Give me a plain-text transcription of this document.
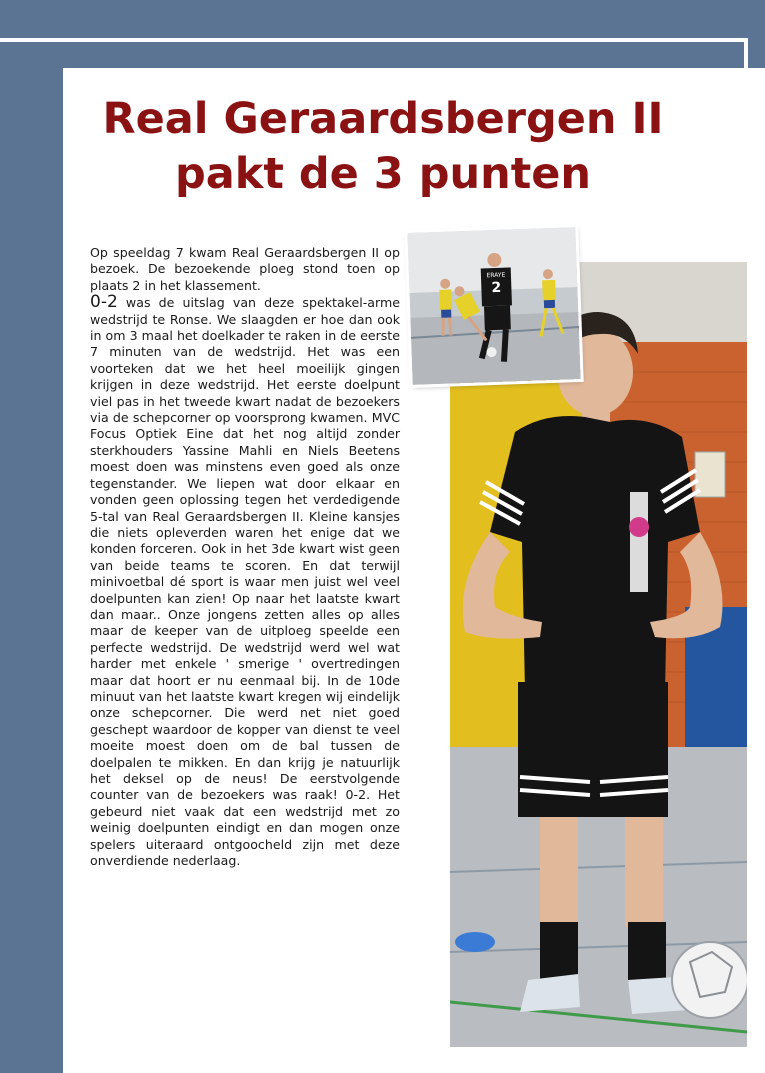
Real Geraardsbergen II pakt de 3 punten

Op speeldag 7 kwam Real Geraardsbergen II op bezoek. De bezoekende ploeg stond toen op plaats 2 in het klassement.

0-2 was de uitslag van deze spektakel-arme wedstrijd te Ronse. We slaagden er hoe dan ook in om 3 maal het doelkader te raken in de eerste 7 minuten van de wedstrijd. Het was een voorteken dat we het heel moeilijk gingen krijgen in deze wedstrijd. Het eerste doelpunt viel pas in het tweede kwart nadat de bezoekers via de schepcorner op voorsprong kwamen. MVC Focus Optiek Eine dat het nog altijd zonder sterkhouders Yassine Mahli en Niels Beetens moest doen was minstens even goed als onze tegenstander. We liepen wat door elkaar en vonden geen oplossing tegen het verdedigende 5-tal van Real Geraardsbergen II. Kleine kansjes die niets opleverden waren het enige dat we konden forceren. Ook in het 3de kwart wist geen van beide teams te scoren. En dat terwijl minivoetbal dé sport is waar men juist wel veel doelpunten kan zien! Op naar het laatste kwart dan maar.. Onze jongens zetten alles op alles maar de keeper van de uitploeg speelde een perfecte wedstrijd. De wedstrijd werd wel wat harder met enkele ' smerige ' overtredingen maar dat hoort er nu eenmaal bij. In de 10de minuut van het laatste kwart kregen wij eindelijk onze schepcorner. Die werd net niet goed geschept waardoor de kopper van dienst te veel moeite moest doen om de bal tussen de doelpalen te mikken. En dan krijg je natuurlijk het deksel op de neus! De eerstvolgende counter van de bezoekers was raak! 0-2. Het gebeurd niet vaak dat een wedstrijd met zo weinig doelpunten eindigt en dan mogen onze spelers uiteraard ontgoocheld zijn met deze onverdiende nederlaag.

2
ERAYE
